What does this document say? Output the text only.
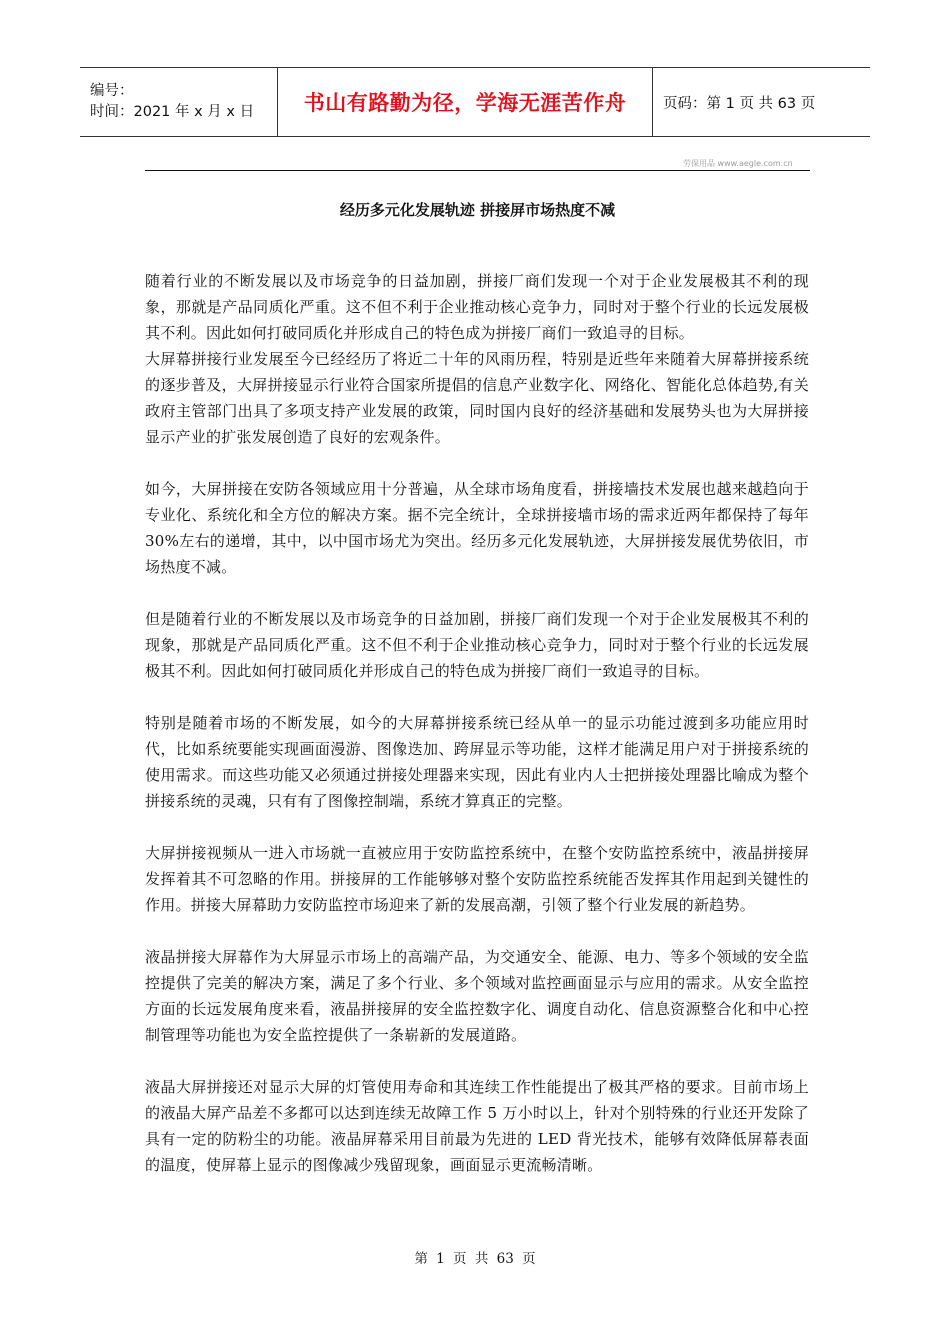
编号：
时间：2021 年 x 月 x 日	书山有路勤为径，学海无涯苦作舟	页码：第 1 页 共 63 页
劳保用品 www.aegle.com.cn
经历多元化发展轨迹 拼接屏市场热度不减

随着行业的不断发展以及市场竞争的日益加剧，拼接厂商们发现一个对于企业发展极其不利的现象，那就是产品同质化严重。这不但不利于企业推动核心竞争力，同时对于整个行业的长远发展极其不利。因此如何打破同质化并形成自己的特色成为拼接厂商们一致追寻的目标。

大屏幕拼接行业发展至今已经经历了将近二十年的风雨历程，特别是近些年来随着大屏幕拼接系统的逐步普及，大屏拼接显示行业符合国家所提倡的信息产业数字化、网络化、智能化总体趋势,有关政府主管部门出具了多项支持产业发展的政策，同时国内良好的经济基础和发展势头也为大屏拼接显示产业的扩张发展创造了良好的宏观条件。

如今，大屏拼接在安防各领域应用十分普遍，从全球市场角度看，拼接墙技术发展也越来越趋向于专业化、系统化和全方位的解决方案。据不完全统计，全球拼接墙市场的需求近两年都保持了每年 30%左右的递增，其中，以中国市场尤为突出。经历多元化发展轨迹，大屏拼接发展优势依旧，市场热度不减。

但是随着行业的不断发展以及市场竞争的日益加剧，拼接厂商们发现一个对于企业发展极其不利的现象，那就是产品同质化严重。这不但不利于企业推动核心竞争力，同时对于整个行业的长远发展极其不利。因此如何打破同质化并形成自己的特色成为拼接厂商们一致追寻的目标。

特别是随着市场的不断发展，如今的大屏幕拼接系统已经从单一的显示功能过渡到多功能应用时代，比如系统要能实现画面漫游、图像迭加、跨屏显示等功能，这样才能满足用户对于拼接系统的使用需求。而这些功能又必须通过拼接处理器来实现，因此有业内人士把拼接处理器比喻成为整个拼接系统的灵魂，只有有了图像控制端，系统才算真正的完整。

大屏拼接视频从一进入市场就一直被应用于安防监控系统中，在整个安防监控系统中，液晶拼接屏发挥着其不可忽略的作用。拼接屏的工作能够够对整个安防监控系统能否发挥其作用起到关键性的作用。拼接大屏幕助力安防监控市场迎来了新的发展高潮，引领了整个行业发展的新趋势。

液晶拼接大屏幕作为大屏显示市场上的高端产品，为交通安全、能源、电力、等多个领域的安全监控提供了完美的解决方案，满足了多个行业、多个领域对监控画面显示与应用的需求。从安全监控方面的长远发展角度来看，液晶拼接屏的安全监控数字化、调度自动化、信息资源整合化和中心控制管理等功能也为安全监控提供了一条崭新的发展道路。

液晶大屏拼接还对显示大屏的灯管使用寿命和其连续工作性能提出了极其严格的要求。目前市场上的液晶大屏产品差不多都可以达到连续无故障工作 5 万小时以上，针对个别特殊的行业还开发除了具有一定的防粉尘的功能。液晶屏幕采用目前最为先进的 LED 背光技术，能够有效降低屏幕表面的温度，使屏幕上显示的图像减少残留现象，画面显示更流畅清晰。

第 1 页 共 63 页
